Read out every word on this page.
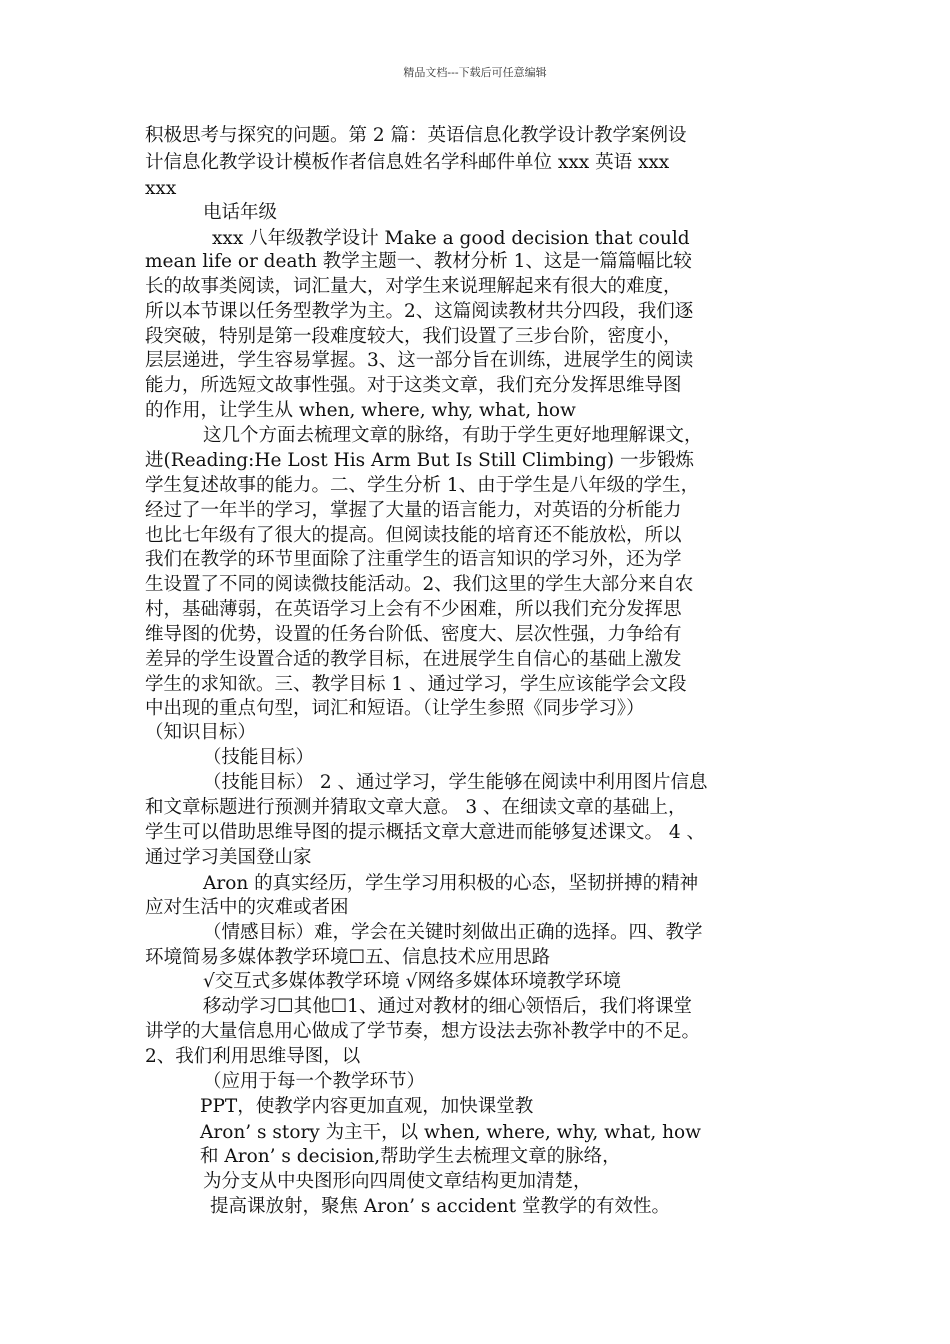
精品文档---下载后可任意编辑
积极思考与探究的问题。第 2 篇：英语信息化教学设计教学案例设
计信息化教学设计模板作者信息姓名学科邮件单位 xxx 英语 xxx
xxx
电话年级
xxx 八年级教学设计 Make a good decision that could
mean life or death 教学主题一、教材分析 1、这是一篇篇幅比较
长的故事类阅读，词汇量大，对学生来说理解起来有很大的难度，
所以本节课以任务型教学为主。2、这篇阅读教材共分四段，我们逐
段突破，特别是第一段难度较大，我们设置了三步台阶，密度小，
层层递进，学生容易掌握。3、这一部分旨在训练，进展学生的阅读
能力，所选短文故事性强。对于这类文章，我们充分发挥思维导图
的作用，让学生从 when, where, why, what, how
这几个方面去梳理文章的脉络，有助于学生更好地理解课文，
进(Reading:He Lost His Arm But Is Still Climbing) 一步锻炼
学生复述故事的能力。二、学生分析 1、由于学生是八年级的学生，
经过了一年半的学习，掌握了大量的语言能力，对英语的分析能力
也比七年级有了很大的提高。但阅读技能的培育还不能放松，所以
我们在教学的环节里面除了注重学生的语言知识的学习外，还为学
生设置了不同的阅读微技能活动。2、我们这里的学生大部分来自农
村，基础薄弱，在英语学习上会有不少困难，所以我们充分发挥思
维导图的优势，设置的任务台阶低、密度大、层次性强，力争给有
差异的学生设置合适的教学目标，在进展学生自信心的基础上激发
学生的求知欲。三、教学目标 1 、通过学习，学生应该能学会文段
中出现的重点句型，词汇和短语。（让学生参照《同步学习》）
（知识目标）
（技能目标）
（技能目标） 2 、通过学习，学生能够在阅读中利用图片信息
和文章标题进行预测并猜取文章大意。 3 、在细读文章的基础上，
学生可以借助思维导图的提示概括文章大意进而能够复述课文。 4 、
通过学习美国登山家
Aron 的真实经历，学生学习用积极的心态，坚韧拼搏的精神
应对生活中的灾难或者困
（情感目标）难，学会在关键时刻做出正确的选择。四、教学
环境简易多媒体教学环境☐五、信息技术应用思路
√交互式多媒体教学环境 √网络多媒体环境教学环境
移动学习☐其他☐1、通过对教材的细心领悟后，我们将课堂
讲学的大量信息用心做成了学节奏，想方设法去弥补教学中的不足。
2、我们利用思维导图，以
（应用于每一个教学环节）
PPT，使教学内容更加直观，加快课堂教
Aron’ s story 为主干，以 when, where, why, what, how
和 Aron’ s decision,帮助学生去梳理文章的脉络，
为分支从中央图形向四周使文章结构更加清楚，
提高课放射，聚焦 Aron’ s accident 堂教学的有效性。
